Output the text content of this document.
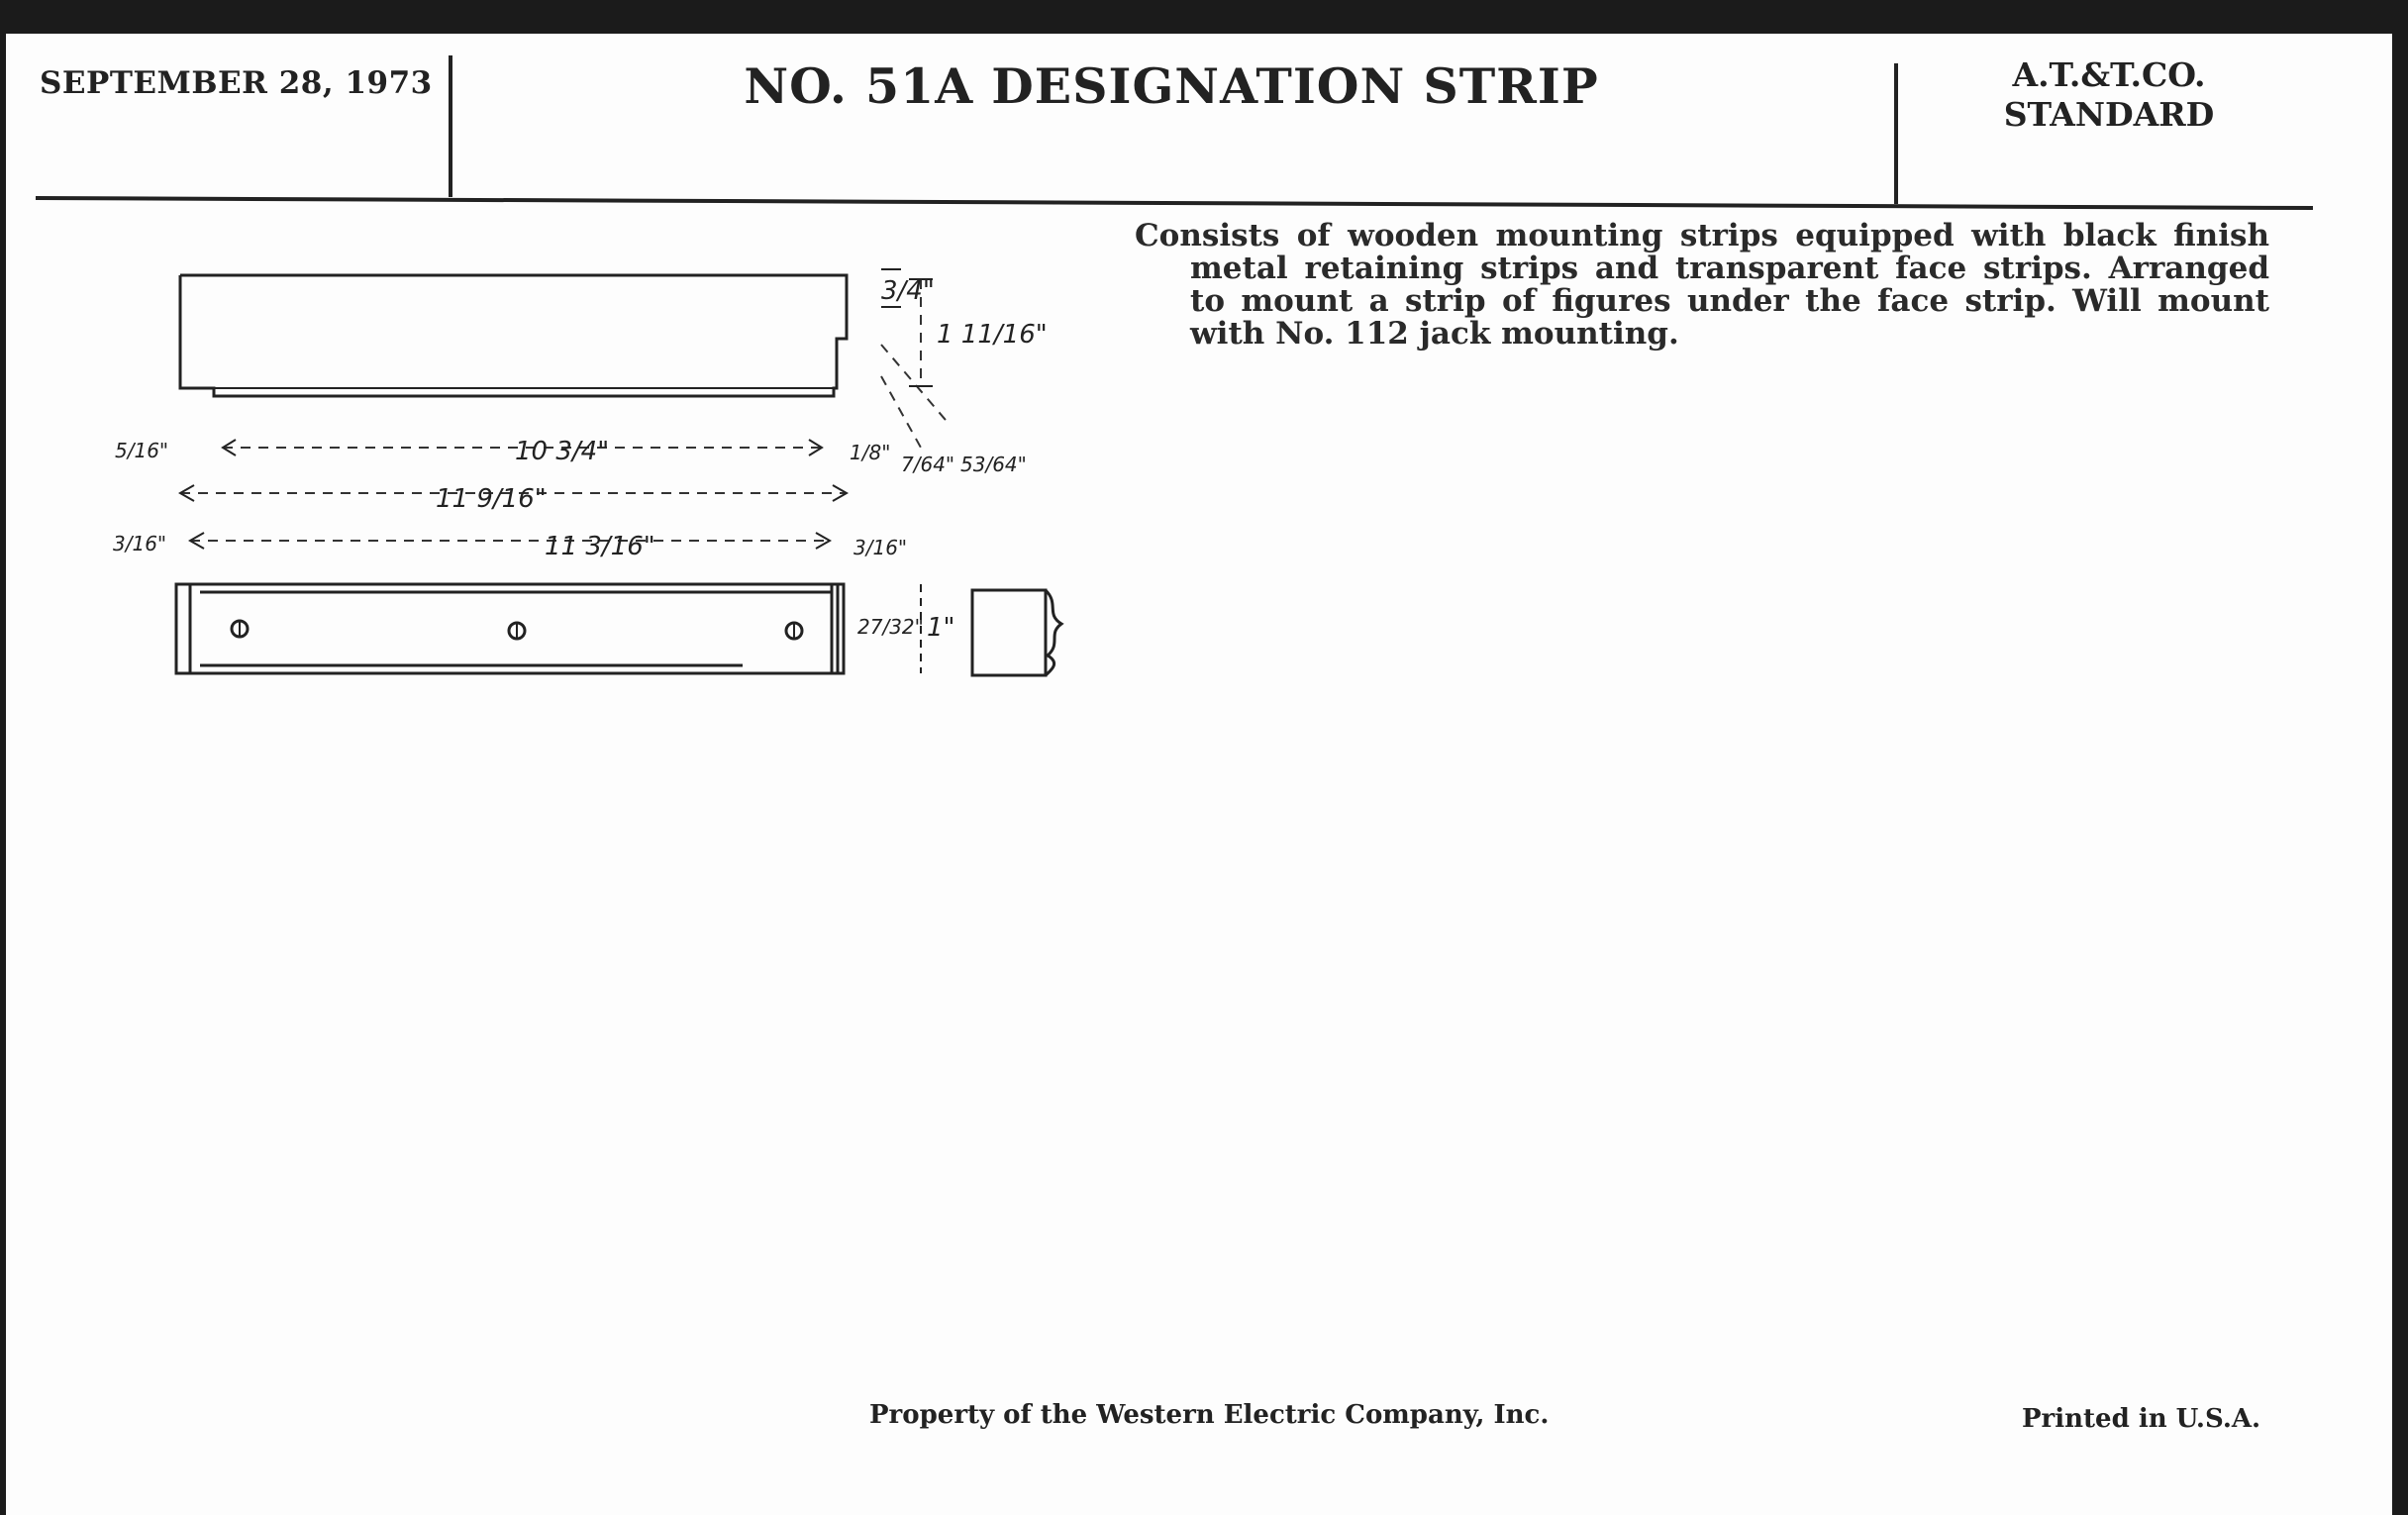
SEPTEMBER 28, 1973	NO. 51A DESIGNATION STRIP	A.T.&T.CO.
STANDARD
3/4"
1 11/16"
5/16"	10 3/4"	1/8" 7/64" 53/64"
11 9/16"
3/16"	11 3/16"	3/16"
27/32" 1"
Consists of wooden mounting strips equipped with black finish metal retaining strips and transparent face strips. Arranged to mount a strip of figures under the face strip. Will mount with No. 112 jack mounting.
Property of the Western Electric Company, Inc.	Printed in U.S.A.
